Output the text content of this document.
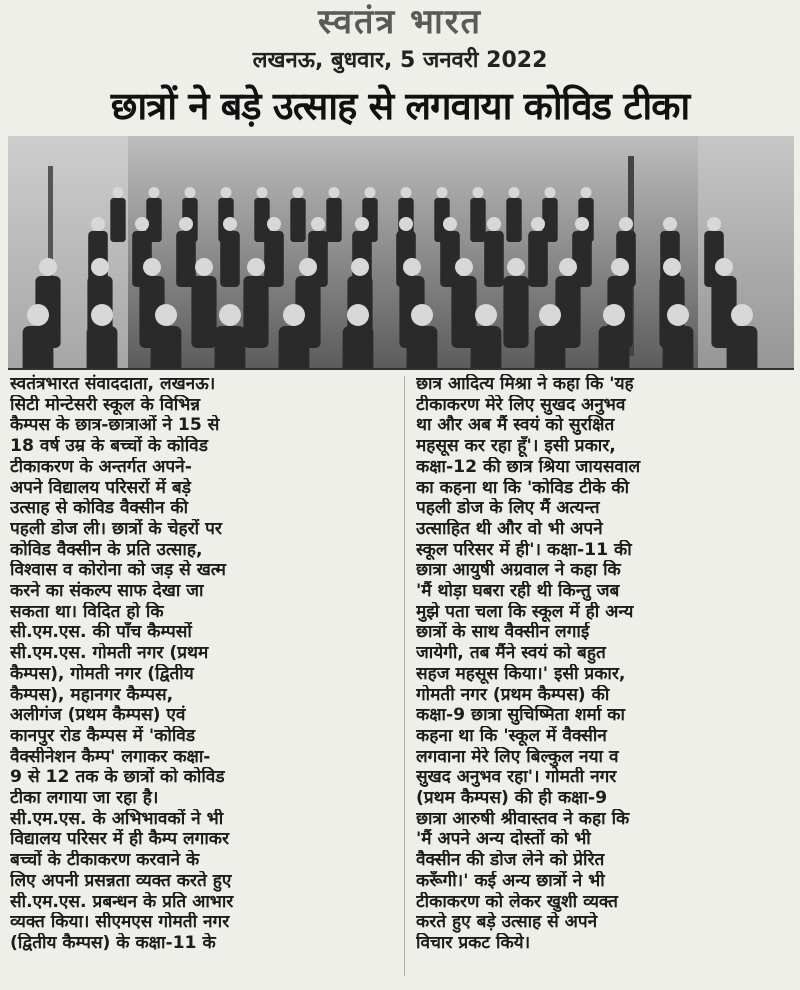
स्वतंत्र भारत
लखनऊ, बुधवार, 5 जनवरी 2022
छात्रों ने बड़े उत्साह से लगवाया कोविड टीका
स्वतंत्रभारत संवाददाता, लखनऊ।
सिटी मोन्टेसरी स्कूल के विभिन्न
कैम्पस के छात्र-छात्राओं ने 15 से
18 वर्ष उम्र के बच्चों के कोविड
टीकाकरण के अन्तर्गत अपने-
अपने विद्यालय परिसरों में बड़े
उत्साह से कोविड वैक्सीन की
पहली डोज ली। छात्रों के चेहरों पर
कोविड वैक्सीन के प्रति उत्साह,
विश्वास व कोरोना को जड़ से खत्म
करने का संकल्प साफ देखा जा
सकता था। विदित हो कि
सी.एम.एस. की पाँच कैम्पसों
सी.एम.एस. गोमती नगर (प्रथम
कैम्पस), गोमती नगर (द्वितीय
कैम्पस), महानगर कैम्पस,
अलीगंज (प्रथम कैम्पस) एवं
कानपुर रोड कैम्पस में 'कोविड
वैक्सीनेशन कैम्प' लगाकर कक्षा-
9 से 12 तक के छात्रों को कोविड
टीका लगाया जा रहा है।
सी.एम.एस. के अभिभावकों ने भी
विद्यालय परिसर में ही कैम्प लगाकर
बच्चों के टीकाकरण करवाने के
लिए अपनी प्रसन्नता व्यक्त करते हुए
सी.एम.एस. प्रबन्धन के प्रति आभार
व्यक्त किया। सीएमएस गोमती नगर
(द्वितीय कैम्पस) के कक्षा-11 के
छात्र आदित्य मिश्रा ने कहा कि 'यह
टीकाकरण मेरे लिए सुखद अनुभव
था और अब मैं स्वयं को सुरक्षित
महसूस कर रहा हूँ'। इसी प्रकार,
कक्षा-12 की छात्र श्रिया जायसवाल
का कहना था कि 'कोविड टीके की
पहली डोज के लिए मैं अत्यन्त
उत्साहित थी और वो भी अपने
स्कूल परिसर में ही'। कक्षा-11 की
छात्रा आयुषी अग्रवाल ने कहा कि
'मैं थोड़ा घबरा रही थी किन्तु जब
मुझे पता चला कि स्कूल में ही अन्य
छात्रों के साथ वैक्सीन लगाई
जायेगी, तब मैंने स्वयं को बहुत
सहज महसूस किया।' इसी प्रकार,
गोमती नगर (प्रथम कैम्पस) की
कक्षा-9 छात्रा सुचिष्मिता शर्मा का
कहना था कि 'स्कूल में वैक्सीन
लगवाना मेरे लिए बिल्कुल नया व
सुखद अनुभव रहा'। गोमती नगर
(प्रथम कैम्पस) की ही कक्षा-9
छात्रा आरुषी श्रीवास्तव ने कहा कि
'मैं अपने अन्य दोस्तों को भी
वैक्सीन की डोज लेने को प्रेरित
करूँगी।' कई अन्य छात्रों ने भी
टीकाकरण को लेकर खुशी व्यक्त
करते हुए बड़े उत्साह से अपने
विचार प्रकट किये।
